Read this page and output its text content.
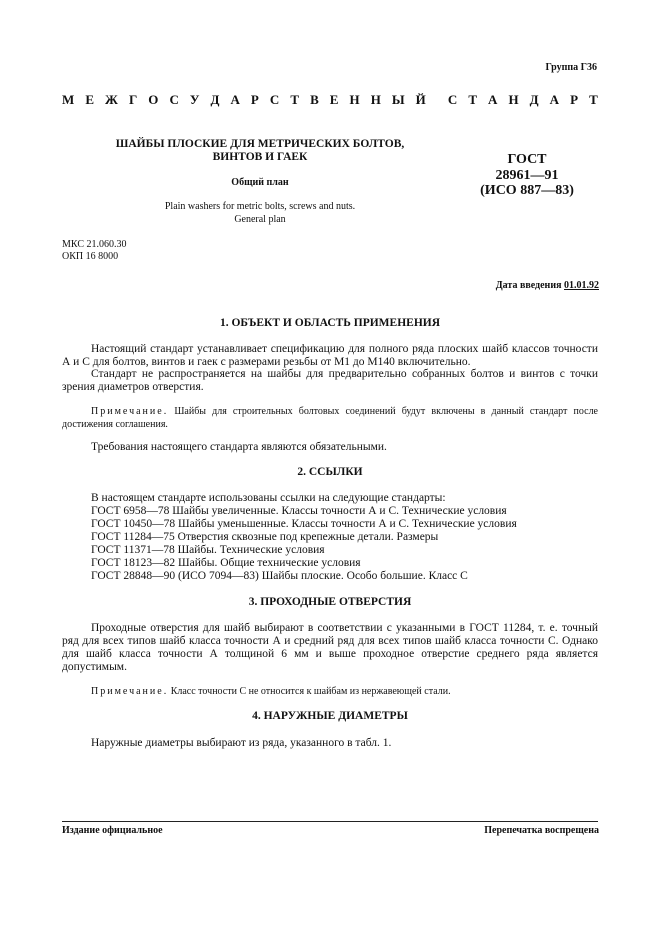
Группа Г36
М Е Ж Г О С У Д А Р С Т В Е Н Н Ы Й С Т А Н Д А Р Т
ШАЙБЫ ПЛОСКИЕ ДЛЯ МЕТРИЧЕСКИХ БОЛТОВ,
ВИНТОВ И ГАЕК
Общий план
Plain washers for metric bolts, screws and nuts.
General plan
ГОСТ
28961—91
(ИСО 887—83)
МКС 21.060.30
ОКП 16 8000
Дата введения 01.01.92
1. ОБЪЕКТ И ОБЛАСТЬ ПРИМЕНЕНИЯ
Настоящий стандарт устанавливает спецификацию для полного ряда плоских шайб классов точности А и С для болтов, винтов и гаек с размерами резьбы от М1 до М140 включительно.
Стандарт не распространяется на шайбы для предварительно собранных болтов и винтов с точки зрения диаметров отверстия.
Примечание. Шайбы для строительных болтовых соединений будут включены в данный стандарт после достижения соглашения.
Требования настоящего стандарта являются обязательными.
2. ССЫЛКИ
В настоящем стандарте использованы ссылки на следующие стандарты:
ГОСТ 6958—78 Шайбы увеличенные. Классы точности А и С. Технические условия
ГОСТ 10450—78 Шайбы уменьшенные. Классы точности А и С. Технические условия
ГОСТ 11284—75 Отверстия сквозные под крепежные детали. Размеры
ГОСТ 11371—78 Шайбы. Технические условия
ГОСТ 18123—82 Шайбы. Общие технические условия
ГОСТ 28848—90 (ИСО 7094—83) Шайбы плоские. Особо большие. Класс С
3. ПРОХОДНЫЕ ОТВЕРСТИЯ
Проходные отверстия для шайб выбирают в соответствии с указанными в ГОСТ 11284, т. е. точный ряд для всех типов шайб класса точности А и средний ряд для всех типов шайб класса точности С. Однако для шайб класса точности А толщиной 6 мм и выше проходное отверстие среднего ряда является допустимым.
Примечание. Класс точности С не относится к шайбам из нержавеющей стали.
4. НАРУЖНЫЕ ДИАМЕТРЫ
Наружные диаметры выбирают из ряда, указанного в табл. 1.
Издание официальное	Перепечатка воспрещена
